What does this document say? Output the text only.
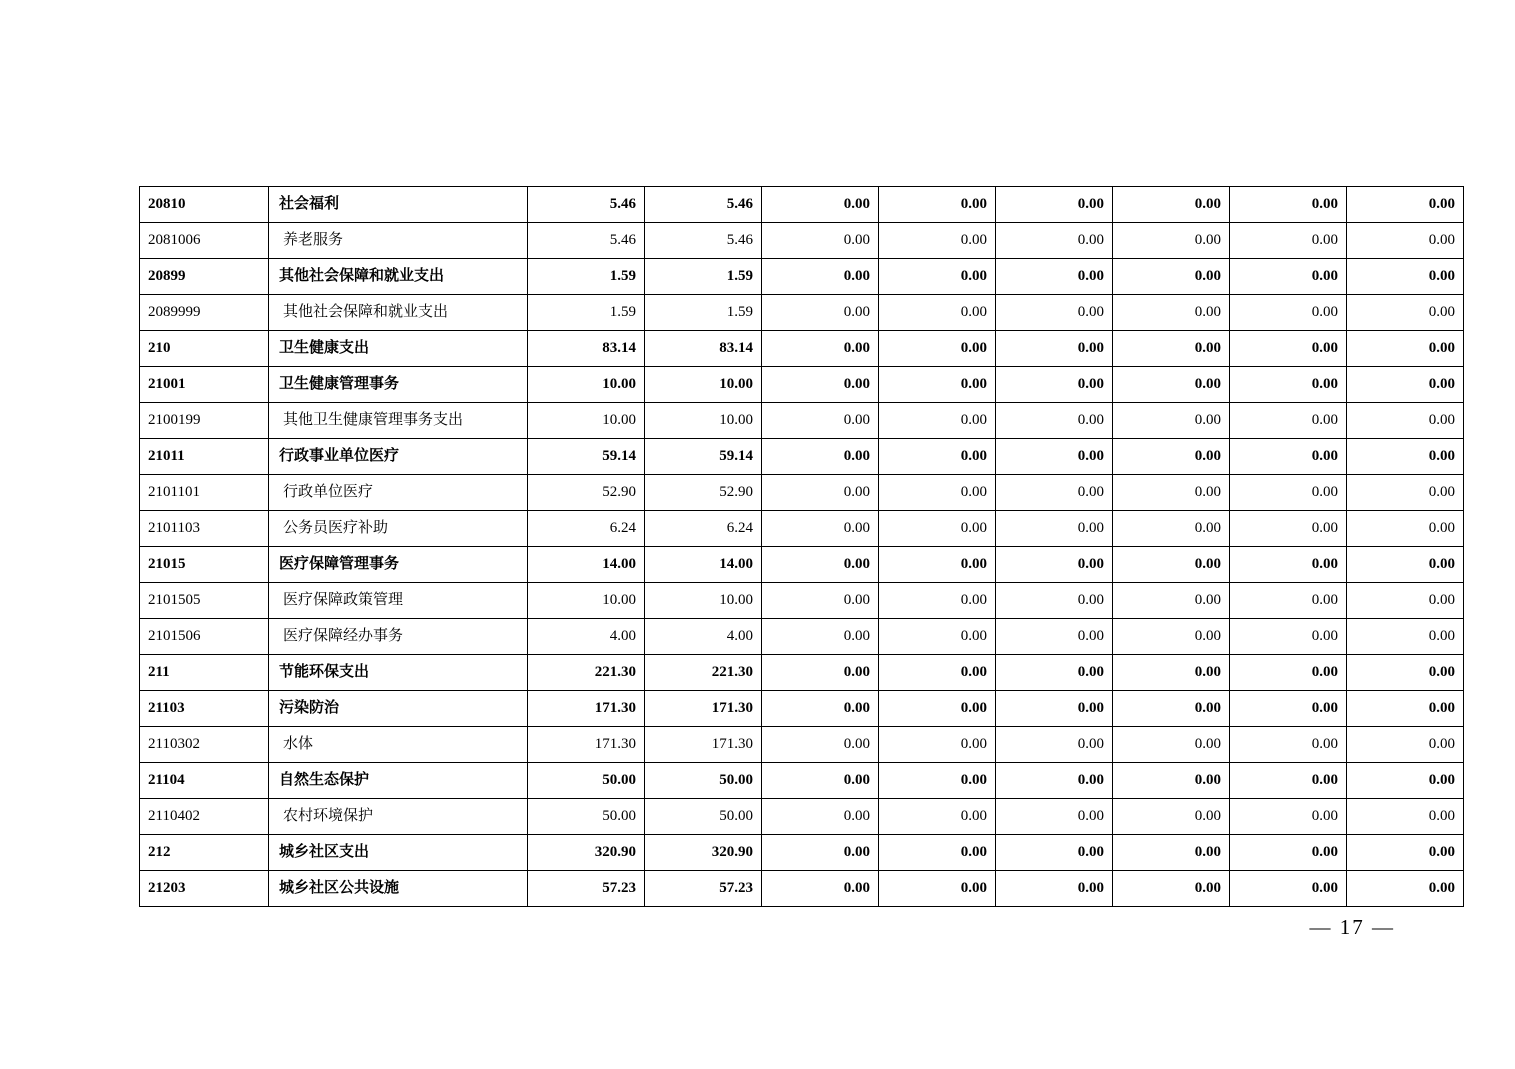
20810	社会福利	5.46	5.46	0.00	0.00	0.00	0.00	0.00	0.00
2081006	养老服务	5.46	5.46	0.00	0.00	0.00	0.00	0.00	0.00
20899	其他社会保障和就业支出	1.59	1.59	0.00	0.00	0.00	0.00	0.00	0.00
2089999	其他社会保障和就业支出	1.59	1.59	0.00	0.00	0.00	0.00	0.00	0.00
210	卫生健康支出	83.14	83.14	0.00	0.00	0.00	0.00	0.00	0.00
21001	卫生健康管理事务	10.00	10.00	0.00	0.00	0.00	0.00	0.00	0.00
2100199	其他卫生健康管理事务支出	10.00	10.00	0.00	0.00	0.00	0.00	0.00	0.00
21011	行政事业单位医疗	59.14	59.14	0.00	0.00	0.00	0.00	0.00	0.00
2101101	行政单位医疗	52.90	52.90	0.00	0.00	0.00	0.00	0.00	0.00
2101103	公务员医疗补助	6.24	6.24	0.00	0.00	0.00	0.00	0.00	0.00
21015	医疗保障管理事务	14.00	14.00	0.00	0.00	0.00	0.00	0.00	0.00
2101505	医疗保障政策管理	10.00	10.00	0.00	0.00	0.00	0.00	0.00	0.00
2101506	医疗保障经办事务	4.00	4.00	0.00	0.00	0.00	0.00	0.00	0.00
211	节能环保支出	221.30	221.30	0.00	0.00	0.00	0.00	0.00	0.00
21103	污染防治	171.30	171.30	0.00	0.00	0.00	0.00	0.00	0.00
2110302	水体	171.30	171.30	0.00	0.00	0.00	0.00	0.00	0.00
21104	自然生态保护	50.00	50.00	0.00	0.00	0.00	0.00	0.00	0.00
2110402	农村环境保护	50.00	50.00	0.00	0.00	0.00	0.00	0.00	0.00
212	城乡社区支出	320.90	320.90	0.00	0.00	0.00	0.00	0.00	0.00
21203	城乡社区公共设施	57.23	57.23	0.00	0.00	0.00	0.00	0.00	0.00
— 17 —
